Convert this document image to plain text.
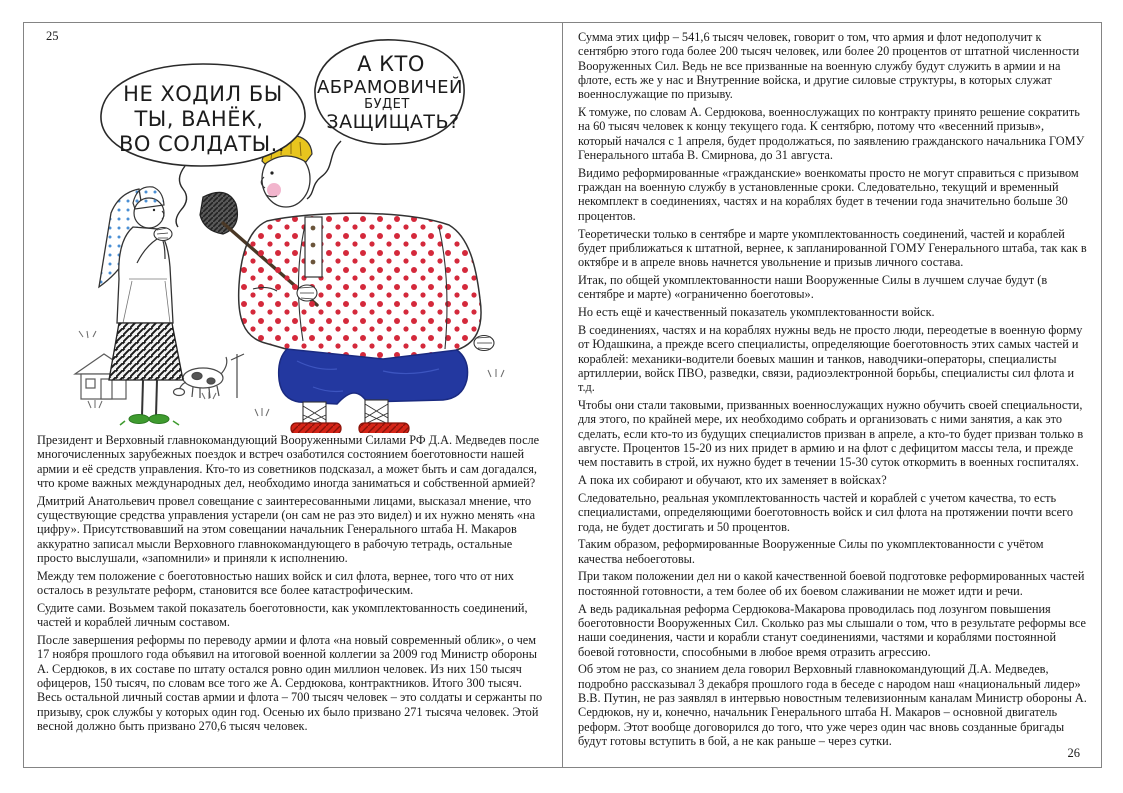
25
НЕ ХОДИЛ БЫ
ТЫ, ВАНЁК,
ВО СОЛДАТЫ..
А КТО
АБРАМОВИЧЕЙ
БУДЕТ
ЗАЩИЩАТЬ?

Президент и Верховный главнокомандующий Вооруженными Силами РФ Д.А. Медведев после многочисленных зарубежных поездок и встреч озаботился состоянием боеготовности нашей армии и её средств управления. Кто-то из советников подсказал, а может быть и сам догадался, что кроме важных международных дел, необходимо иногда заниматься и собственной армией?

Дмитрий Анатольевич провел совещание с заинтересованными лицами, высказал мнение, что существующие средства управления устарели (он сам не раз это видел) и их нужно менять «на цифру». Присутствовавший на этом совещании начальник Генерального штаба Н. Макаров аккуратно записал мысли Верховного главнокомандующего в рабочую тетрадь, остальные просто выслушали, «запомнили» и приняли к исполнению.

Между тем положение с боеготовностью наших войск и сил флота, вернее, того что от них осталось в результате реформ, становится все более катастрофическим.

Судите сами. Возьмем такой показатель боеготовности, как укомплектованность соединений, частей и кораблей личным составом.

После завершения реформы по переводу армии и флота «на новый современный облик», о чем 17 ноября прошлого года объявил на итоговой военной коллегии за 2009 год Министр обороны А. Сердюков, в их составе по штату остался ровно один миллион человек. Из них 150 тысяч офицеров, 150 тысяч, по словам все того же А. Сердюкова, контрактников. Итого 300 тысяч. Весь остальной личный состав армии и флота – 700 тысяч человек – это солдаты и сержанты по призыву, срок службы у которых один год. Осенью их было призвано 271 тысяча человек. Этой весной должно быть призвано 270,6 тысяч человек.

Сумма этих цифр – 541,6 тысяч человек, говорит о том, что армия и флот недополучит к сентябрю этого года более 200 тысяч человек, или более 20 процентов от штатной численности Вооруженных Сил. Ведь не все призванные на военную службу будут служить в армии и на флоте, есть же у нас и Внутренние войска, и другие силовые структуры, в которых служат военнослужащие по призыву.

К томуже, по словам А. Сердюкова, военнослужащих по контракту принято решение сократить на 60 тысяч человек к концу текущего года. К сентябрю, потому что «весенний призыв», который начался с 1 апреля, будет продолжаться, по заявлению гражданского начальника ГОМУ Генерального штаба В. Смирнова, до 31 августа.

Видимо реформированные «гражданские» военкоматы просто не могут справиться с призывом граждан на военную службу в установленные сроки. Следовательно, текущий и временный некомплект в соединениях, частях и на кораблях будет в течении года значительно больше 30 процентов.

Теоретически только в сентябре и марте укомплектованность соединений, частей и кораблей будет приближаться к штатной, вернее, к запланированной ГОМУ Генерального штаба, так как в октябре и в апреле вновь начнется увольнение и призыв личного состава.

Итак, по общей укомплектованности наши Вооруженные Силы в лучшем случае будут (в сентябре и марте) «ограниченно боеготовы».

Но есть ещё и качественный показатель укомплектованности войск.

В соединениях, частях и на кораблях нужны ведь не просто люди, переодетые в военную форму от Юдашкина, а прежде всего специалисты, определяющие боеготовность этих самых частей и кораблей: механики-водители боевых машин и танков, наводчики-операторы, специалисты артиллерии, войск ПВО, разведки, связи, радиоэлектронной борьбы, специалисты сил флота и т.д.

Чтобы они стали таковыми, призванных военнослужащих нужно обучить своей специальности, для этого, по крайней мере, их необходимо собрать и организовать с ними занятия, а как это сделать, если кто-то из будущих специалистов призван в апреле, а кто-то будет призван только в августе. Процентов 15-20 из них придет в армию и на флот с дефицитом массы тела, и прежде чем поставить в строй, их нужно будет в течении 15-30 суток откормить в военных госпиталях.

А пока их собирают и обучают, кто их заменяет в войсках?

Следовательно, реальная укомплектованность частей и кораблей с учетом качества, то есть специалистами, определяющими боеготовность войск и сил флота на протяжении почти всего года, не будет достигать и 50 процентов.

Таким образом, реформированные Вооруженные Силы по укомплектованности с учётом качества небоеготовы.

При таком положении дел ни о какой качественной боевой подготовке реформированных частей постоянной готовности, а тем более об их боевом слаживании не может идти и речи.

А ведь радикальная реформа Сердюкова-Макарова проводилась под лозунгом повышения боеготовности Вооруженных Сил. Сколько раз мы слышали о том, что в результате реформы все наши соединения, части и корабли станут соединениями, частями и кораблями постоянной боевой готовности, способными в любое время отразить агрессию.

Об этом не раз, со знанием дела говорил Верховный главнокомандующий Д.А. Медведев, подробно рассказывал 3 декабря прошлого года в беседе с народом наш «национальный лидер» В.В. Путин, не раз заявлял в интервью новостным телевизионным каналам Министр обороны А. Сердюков, ну и, конечно, начальник Генерального штаба Н. Макаров – основной двигатель реформ. Этот вообще договорился до того, что уже через один час вновь созданные бригады будут готовы вступить в бой, а не как раньше – через сутки.

26
